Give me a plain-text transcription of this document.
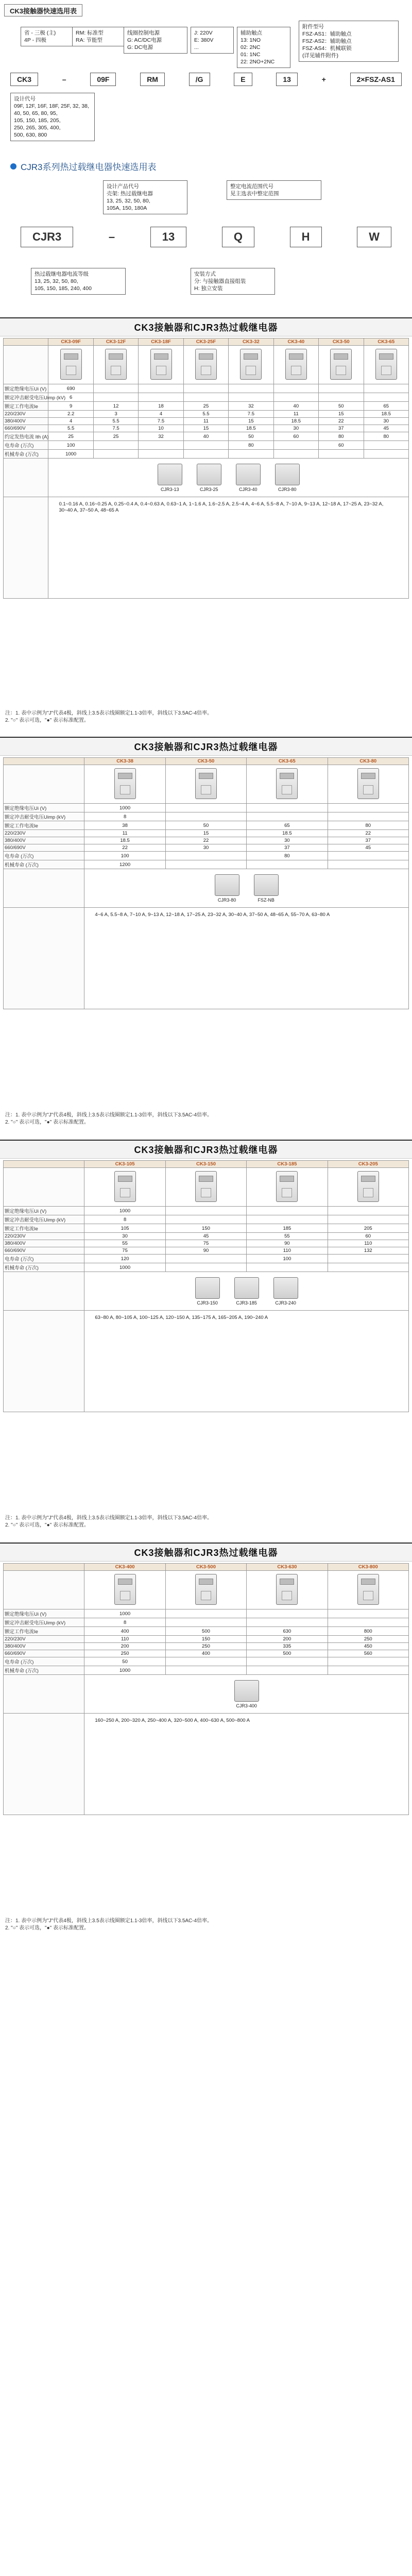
CK3接触器快速选用表
省 - 三极 (主)
4P - 四极
RM: 标准型
RA: 节能型
线圈控制电源
G: AC/DC电源
G: DC电源
J: 220V
E: 380V
...
辅助触点
13: 1NO
02: 2NC
01: 1NC
22: 2NO+2NC
附件型号
FSZ-AS1：辅助触点
FSZ-AS2：辅助触点
FSZ-AS4：机械联锁
(详见辅件附件)
CK3	–	09F	RM	/G	E	13	+	2×FSZ-AS1
设计代号
09F, 12F, 16F, 18F, 25F, 32, 38,
40, 50, 65, 80, 95,
105, 150, 185, 205,
250, 265, 305, 400,
500, 630, 800
CJR3系列热过载继电器快速选用表
设计产品代号
壳架: 热过载继电器
13, 25, 32, 50, 80,
105A, 150, 180A
整定电流范围代号
见主选表中整定范围
CJR3	–	13	Q	H	W
热过载继电器电流等级
13, 25, 32, 50, 80,
105, 150, 185, 240, 400
安装方式
分: 与接触器直接组装
H: 独立安装
CK3接触器和CJR3热过载继电器
	CK3-09F	CK3-12F	CK3-18F	CK3-25F	CK3-32	CK3-40	CK3-50	CK3-65

额定绝缘电压Ui (V)	690							
额定冲击耐受电压Uimp (kV)	6							
额定工作电流Ie	9	12	18	25	32	40	50	65
220/230V	2.2	3	4	5.5	7.5	11	15	18.5
380/400V	4	5.5	7.5	11	15	18.5	22	30
660/690V	5.5	7.5	10	15	18.5	30	37	45
约定发热电流 Ith (A)	25	25	32	40	50	60	80	80
电寿命 (万次)	100				80		60	
机械寿命 (万次)	1000							

	CJR3-13 CJR3-25 CJR3-40 CJR3-80							

	0.1~0.16 A, 0.16~0.25 A, 0.25~0.4 A, 0.4~0.63 A, 0.63~1 A, 1~1.6 A, 1.6~2.5 A, 2.5~4 A, 4~6 A, 5.5~8 A, 7~10 A, 9~13 A, 12~18 A, 17~25 A, 23~32 A, 30~40 A, 37~50 A, 48~65 A							
注：1. 表中示例为"J"代表4极，斜线上3.5表示线圈额定1.1-3倍率，斜线以下3.5AC-4倍率。
2. "○" 表示可选，"●" 表示标准配置。
CK3接触器和CJR3热过载继电器
	CK3-38	CK3-50	CK3-65	CK3-80

额定绝缘电压Ui (V)	1000			
额定冲击耐受电压Uimp (kV)	8			
额定工作电流Ie	38	50	65	80
220/230V	11	15	18.5	22
380/400V	18.5	22	30	37
660/690V	22	30	37	45
电寿命 (万次)	100		80	
机械寿命 (万次)	1200			

	CJR3-80 FSZ-NB			

	4~6 A, 5.5~8 A, 7~10 A, 9~13 A, 12~18 A, 17~25 A, 23~32 A, 30~40 A, 37~50 A, 48~65 A, 55~70 A, 63~80 A			
注：1. 表中示例为"J"代表4极，斜线上3.5表示线圈额定1.1-3倍率，斜线以下3.5AC-4倍率。
2. "○" 表示可选，"●" 表示标准配置。
CK3接触器和CJR3热过载继电器
	CK3-105	CK3-150	CK3-185	CK3-205

额定绝缘电压Ui (V)	1000			
额定冲击耐受电压Uimp (kV)	8			
额定工作电流Ie	105	150	185	205
220/230V	30	45	55	60
380/400V	55	75	90	110
660/690V	75	90	110	132
电寿命 (万次)	120		100	
机械寿命 (万次)	1000			

	CJR3-150 CJR3-185 CJR3-240			

	63~80 A, 80~105 A, 100~125 A, 120~150 A, 135~175 A, 165~205 A, 190~240 A			
注：1. 表中示例为"J"代表4极，斜线上3.5表示线圈额定1.1-3倍率，斜线以下3.5AC-4倍率。
2. "○" 表示可选，"●" 表示标准配置。
CK3接触器和CJR3热过载继电器
	CK3-400	CK3-500	CK3-630	CK3-800

额定绝缘电压Ui (V)	1000			
额定冲击耐受电压Uimp (kV)	8			
额定工作电流Ie	400	500	630	800
220/230V	110	150	200	250
380/400V	200	250	335	450
660/690V	250	400	500	560
电寿命 (万次)	50			
机械寿命 (万次)	1000			

	CJR3-400			

	160~250 A, 200~320 A, 250~400 A, 320~500 A, 400~630 A, 500~800 A			
注：1. 表中示例为"J"代表4极，斜线上3.5表示线圈额定1.1-3倍率，斜线以下3.5AC-4倍率。
2. "○" 表示可选，"●" 表示标准配置。
